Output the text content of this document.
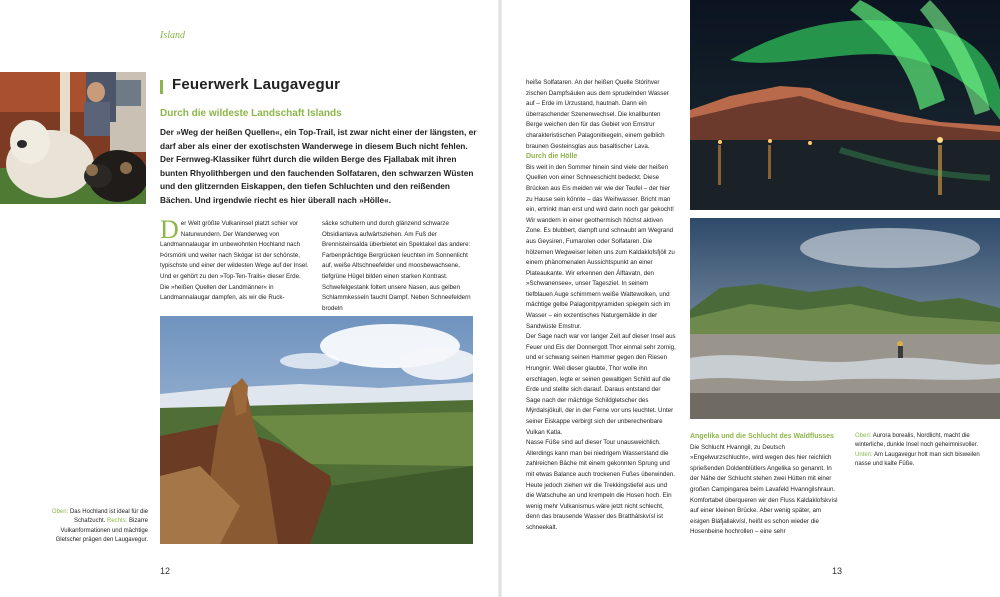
Island
Feuerwerk Laugavegur
Durch die wildeste Landschaft Islands
Der »Weg der heißen Quellen«, ein Top-Trail, ist zwar nicht einer der längsten, er darf aber als einer der exotischsten Wanderwege in diesem Buch nicht fehlen. Der Fernweg-Klassiker führt durch die wilden Berge des Fjallabak mit ihren bunten Rhyolithbergen und den fauchenden Solfataren, den schwarzen Wüsten und den glitzernden Eiskappen, den tiefen Schluchten und den reißenden Bächen. Und irgendwie riecht es hier überall nach »Hölle«.

Der Welt größte Vulkaninsel platzt schier vor Naturwundern. Der Wanderweg von Landmannalaugar im unbewohnten Hochland nach Þórsmörk und weiter nach Skógar ist der schönste, typischste und einer der wildesten Wege auf der Insel. Und er gehört zu den »Top-Ten-Trails« dieser Erde. Die »heißen Quellen der Landmänner« in Landmannalaugar dampfen, als wir die Ruck-

säcke schultern und durch glänzend schwarze Obsidianlava aufwärtsziehen. Am Fuß der Brennisteinsalda überbietet ein Spektakel das andere: Farbenprächtige Bergrücken leuchten im Sonnenlicht auf, weiße Altschneefelder und moosbewachsene, tiefgrüne Hügel bilden einen starken Kontrast. Schwefelgestank foltert unsere Nasen, aus gelben Schlammkesseln faucht Dampf. Neben Schneefeldern brodeln

Oben: Das Hochland ist ideal für die Schafzucht. Rechts: Bizarre Vulkanformationen und mächtige Gletscher prägen den Laugavegur.
12

heiße Solfataren. An der heißen Quelle Stórihver zischen Dampfsäulen aus dem sprudelnden Wasser auf – Erde im Urzustand, hautnah. Dann ein überraschender Szenenwechsel. Die knallbunten Berge weichen den für das Gebiet von Emstrur charakteristischen Palagonitkegeln, einem gelblich braunen Gesteinsglas aus basaltischer Lava.

Durch die Hölle

Bis weit in den Sommer hinein sind viele der heißen Quellen von einer Schneeschicht bedeckt. Diese Brücken aus Eis meiden wir wie der Teufel – der hier zu Hause sein könnte – das Weihwasser. Bricht man ein, ertrinkt man erst und wird dann noch gar gekocht! Wir wandern in einer geothermisch höchst aktiven Zone. Es blubbert, dampft und schnaubt am Wegrand aus Geysiren, Fumarolen oder Solfataren. Die hölzernen Wegweiser leiten uns zum Kaldaklofsfjöll zu einem phänomenalen Aussichtspunkt an einer Plateaukante. Wir erkennen den Álftavatn, den »Schwanensee«, unser Tagesziel. In seinem tiefblauen Auge schimmern weiße Wattewolken, und mächtige gelbe Palagonitpyramiden spiegeln sich im Wasser – ein exzentisches Naturgemälde in der Sandwüste Emstrur.

Der Sage nach war vor langer Zeit auf dieser Insel aus Feuer und Eis der Donnergott Thor einmal sehr zornig, und er schwang seinen Hammer gegen den Riesen Hrungnir. Weil dieser glaubte, Thor wolle ihn erschlagen, legte er seinen gewaltigen Schild auf die Erde und stellte sich darauf. Daraus entstand der Sage nach der mächtige Schildgletscher des Mýrdalsjökull, der in der Ferne vor uns leuchtet. Unter seiner Eiskappe verbirgt sich der unberechenbare Vulkan Katla.

Nasse Füße sind auf dieser Tour unausweichlich. Allerdings kann man bei niedrigem Wasserstand die zahlreichen Bäche mit einem gekonnten Sprung und mit etwas Balance auch trockenen Fußes überwinden. Heute jedoch ziehen wir die Trekkingstiefel aus und die Watschuhe an und krempeln die Hosen hoch. Ein wenig mehr Vulkanismus wäre jetzt nicht schlecht, denn das brausende Wasser des Bratthálskvísl ist schneekalt.

Angelika und die Schlucht des Waldflusses

Die Schlucht Hvanngil, zu Deutsch »Engelwurzschlucht«, wird wegen des hier reichlich sprießenden Doldenblütlers Angelika so genannt. In der Nähe der Schlucht stehen zwei Hütten mit einer großen Campingarea beim Lavafeld Hvanngilshraun.

Komfortabel überqueren wir den Fluss Kaldaklofskvísl auf einer kleinen Brücke. Aber wenig später, am eisigen Bláfjallakvísl, heißt es schon wieder die Hosenbeine hochrollen – eine sehr

Oben: Aurora borealis, Nordlicht, macht die winterliche, dunkle Insel noch geheimnisvoller. Unten: Am Laugavegur holt man sich bisweilen nasse und kalte Füße.
13
